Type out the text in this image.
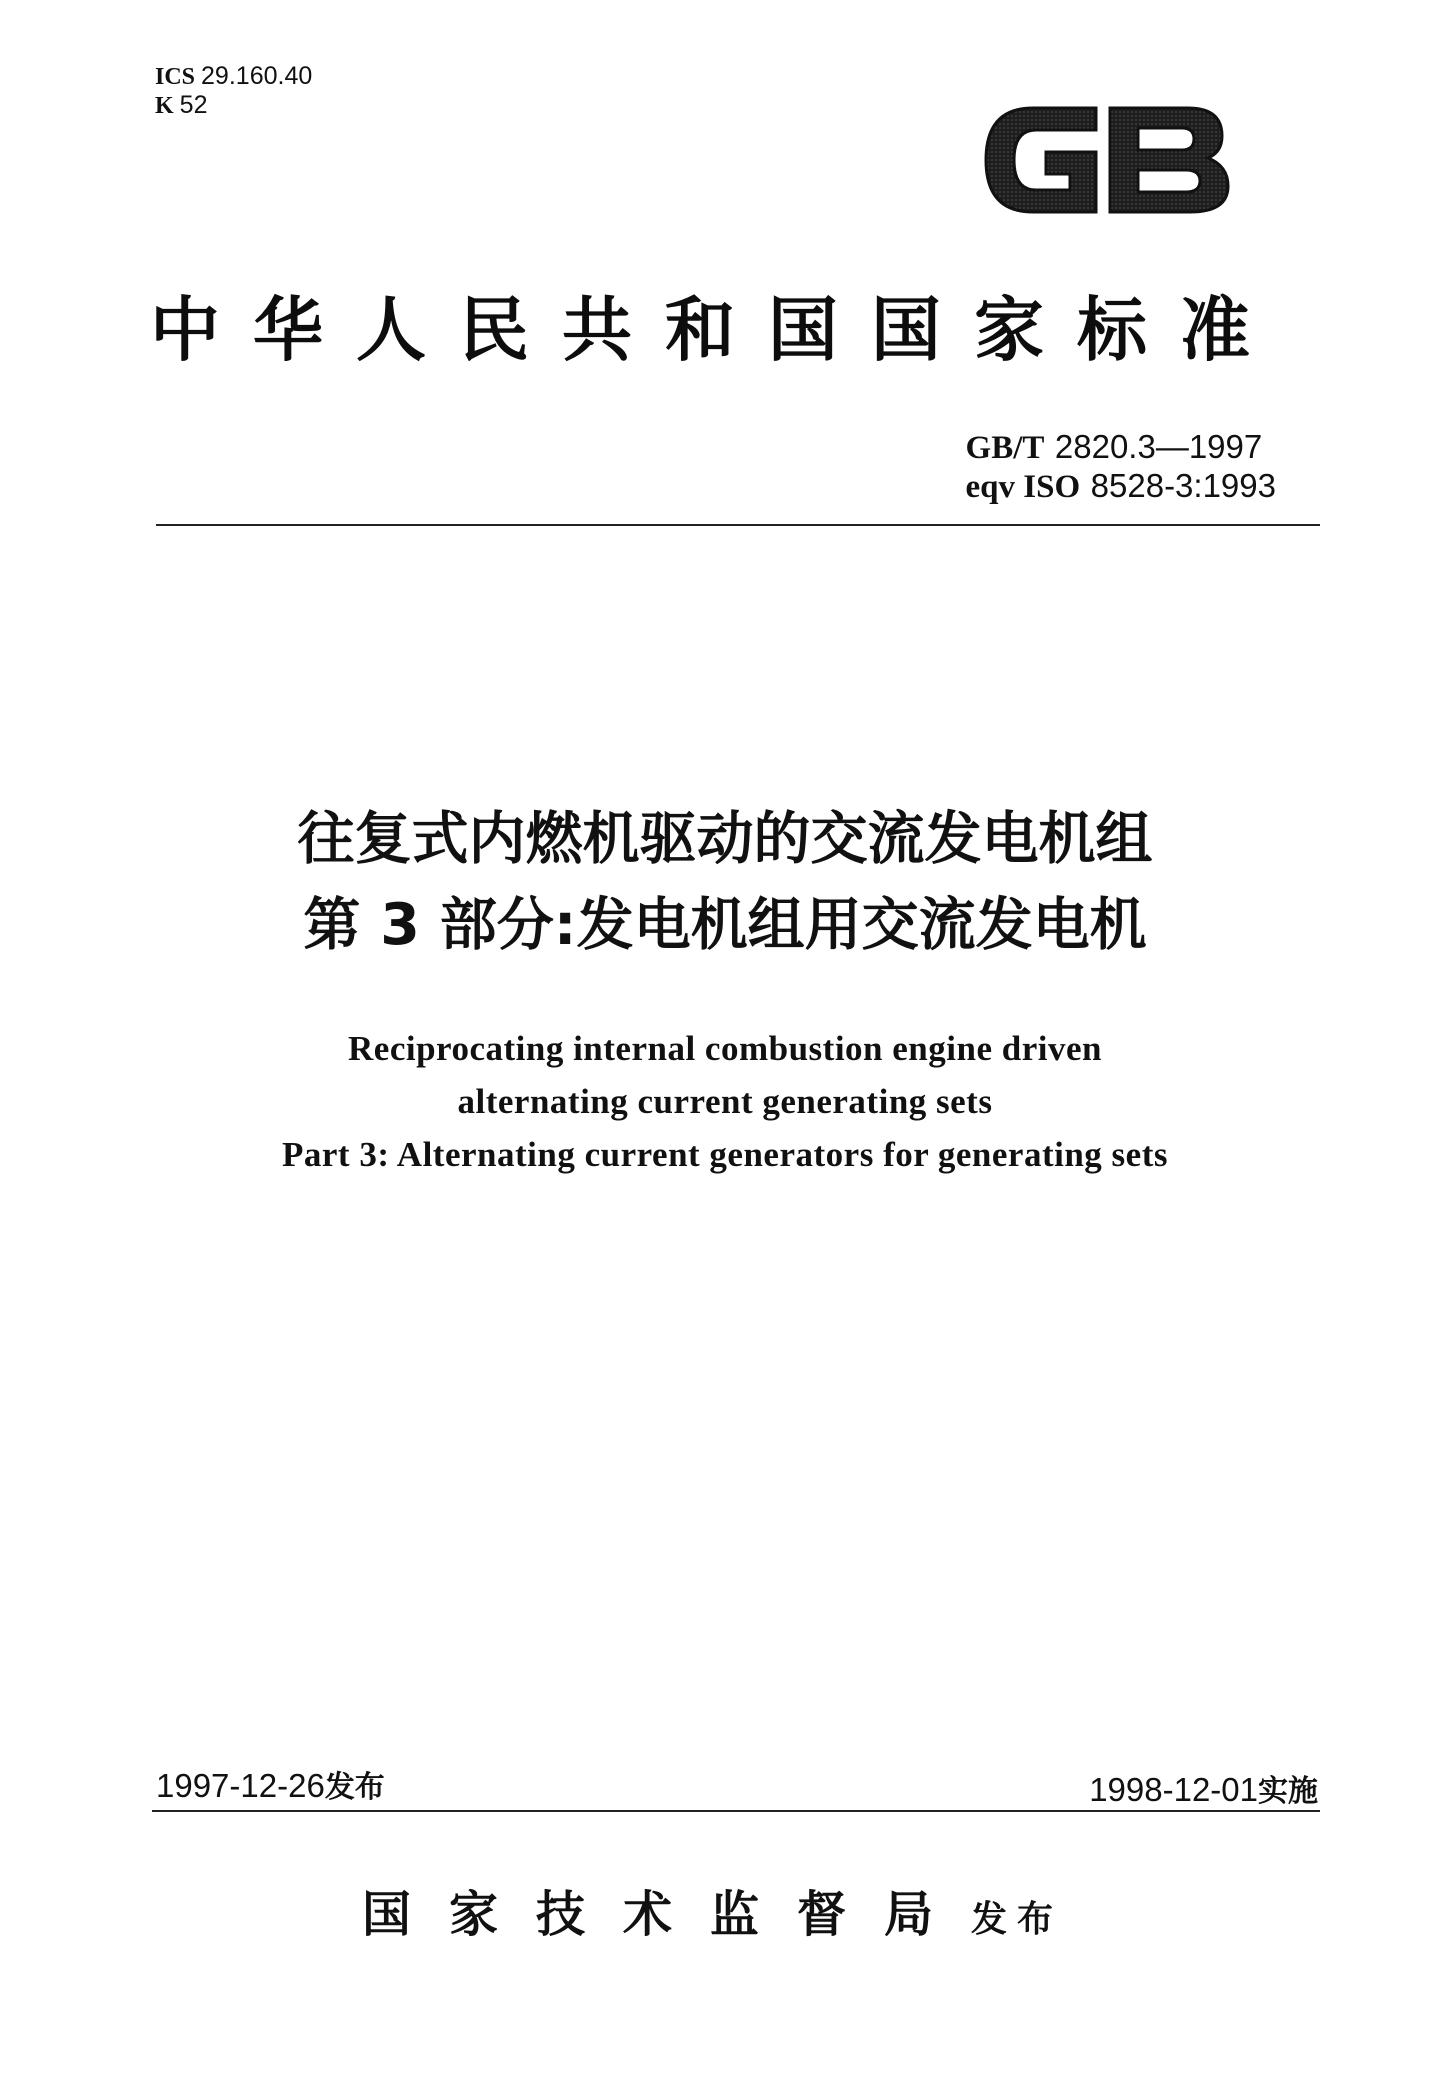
ICS 29.160.40
K 52
中华人民共和国国家标准
GB/T 2820.3—1997
eqv ISO 8528-3:1993
往复式内燃机驱动的交流发电机组
第 3 部分:发电机组用交流发电机
Reciprocating internal combustion engine driven
alternating current generating sets
Part 3: Alternating current generators for generating sets
1997-12-26发布	1998-12-01实施
国家技术监督局发布
